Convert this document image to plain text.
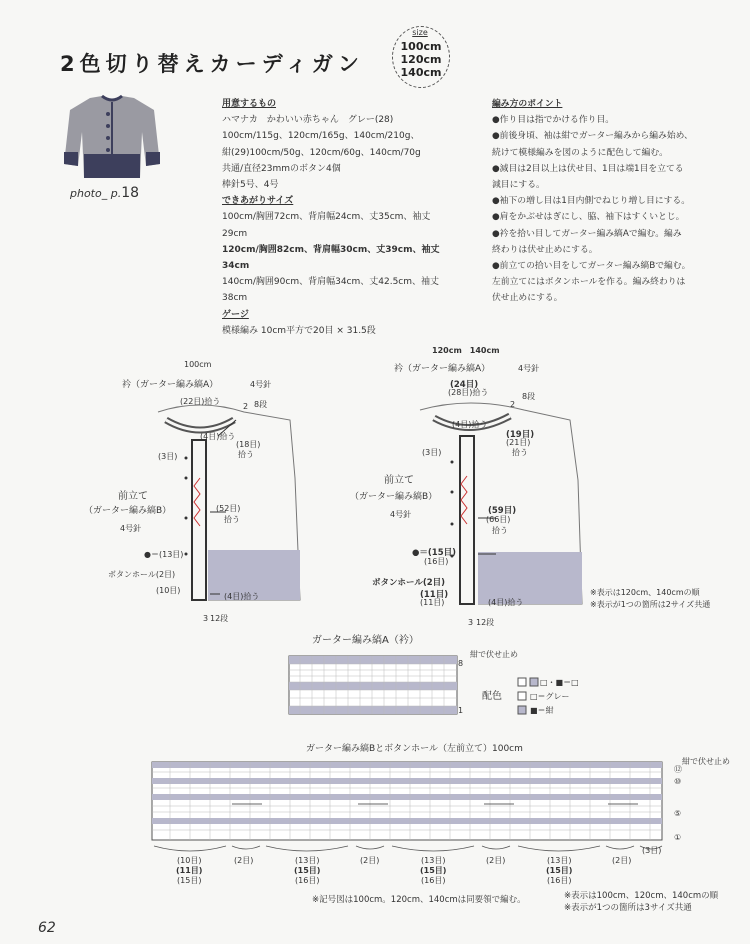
2色切り替えカーディガン
size
100cm
120cm
140cm
photo_ p.18
用意するもの
ハマナカ　かわいい赤ちゃん　グレー(28)
100cm/115g、120cm/165g、140cm/210g、
紺(29)100cm/50g、120cm/60g、140cm/70g
共通/直径23mmのボタン4個
棒針5号、4号
できあがりサイズ
100cm/胸囲72cm、背肩幅24cm、丈35cm、袖丈
29cm
120cm/胸囲82cm、背肩幅30cm、丈39cm、袖丈
34cm
140cm/胸囲90cm、背肩幅34cm、丈42.5cm、袖丈
38cm
ゲージ
模様編み 10cm平方で20目 × 31.5段
編み方のポイント
●作り目は指でかける作り目。
●前後身頃、袖は紺でガーター編みから編み始め、
続けて模様編みを図のように配色して編む。
●減目は2目以上は伏せ目、1目は端1目を立てる
減目にする。
●袖下の増し目は1目内側でねじり増し目にする。
●肩をかぶせはぎにし、脇、袖下はすくいとじ。
●衿を拾い目してガーター編み縞Aで編む。編み
終わりは伏せ止めにする。
●前立ての拾い目をしてガーター編み縞Bで編む。
左前立てにはボタンホールを作る。編み終わりは
伏せ止めにする。
100cm
衿（ガーター編み縞A）	4号針
(22目)拾う
2 8段
(4目)拾う
(18目)
拾う
(3目)
前立て
（ガーター編み縞B）
4号針
(52目)
拾う
●＝(13目)
ボタンホール(2目)
(10目)
(4目)拾う
3 12段
120cm　140cm
衿（ガーター編み縞A）	4号針
(24目)
(28目)拾う
2
8段
(4目)拾う
(19目)
(21目)
拾う
(3目)
前立て
（ガーター編み縞B）
4号針	(59目)
(66目)
拾う
●＝(15目)
(16目)
ボタンホール(2目)
(11目)
(11目)	(4目)拾う
3 12段
※表示は120cm、140cmの順
※表示が1つの箇所は2サイズ共通
ガーター編み縞A（衿）
紺で伏せ止め
8
1
配色
□・■＝□
□＝グレー
■＝紺
ガーター編み縞Bとボタンホール（左前立て）100cm
紺で伏せ止め
⑫
⑩
⑤
①
(10目)
(11目)
(15目)
(2目)	(13目)
(15目)
(16目)
(2目)	(13目)
(15目)
(16目)
(2目)	(13目)
(15目)
(16目)
(2目)
(3目)
※記号図は100cm。120cm、140cmは同要領で編む。	※表示は100cm、120cm、140cmの順
※表示が1つの箇所は3サイズ共通
62
